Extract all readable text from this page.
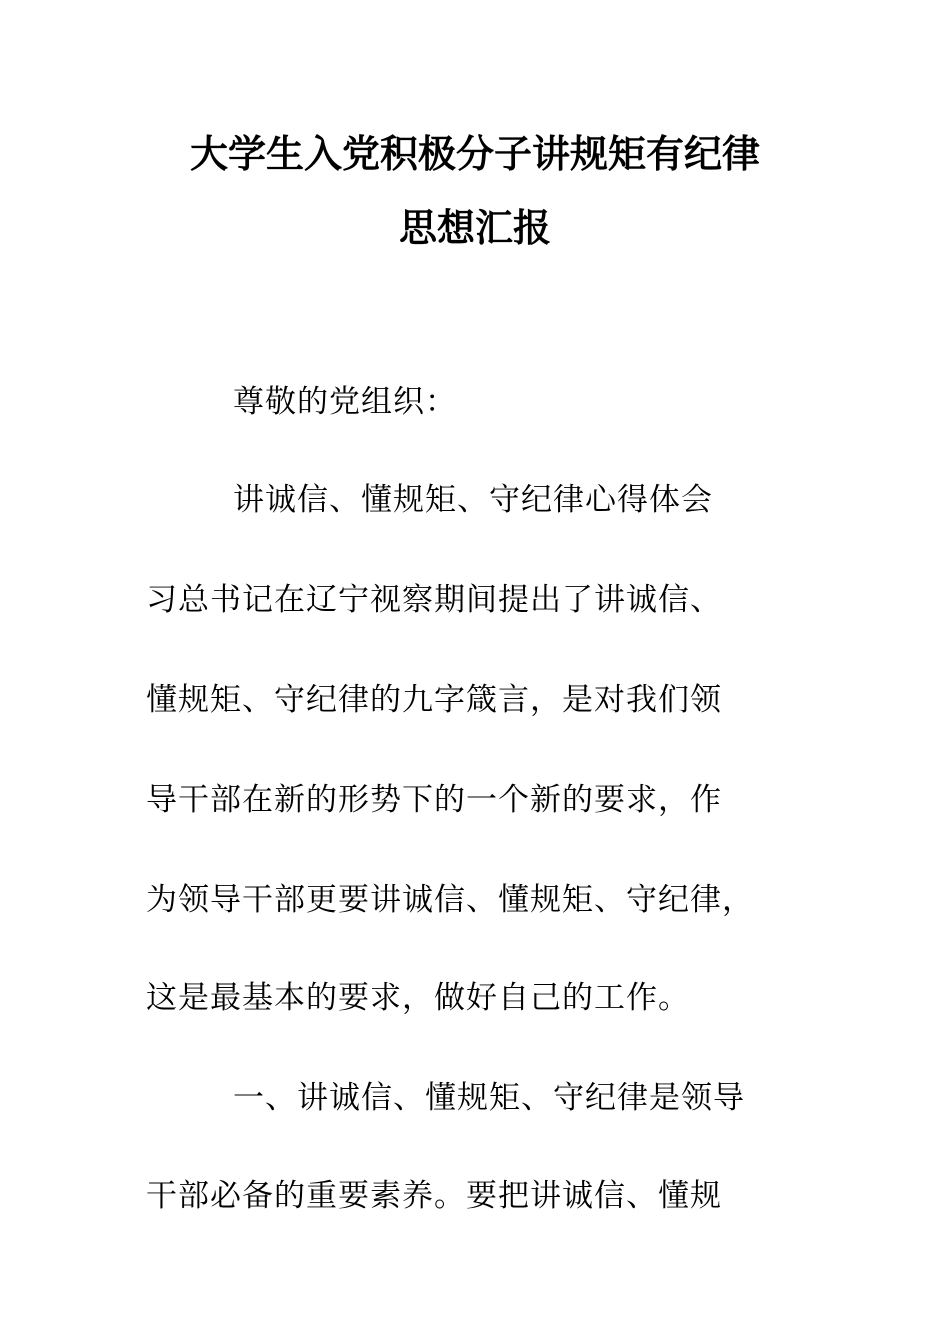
大学生入党积极分子讲规矩有纪律
思想汇报
尊敬的党组织：
讲诚信、懂规矩、守纪律心得体会
习总书记在辽宁视察期间提出了讲诚信、
懂规矩、守纪律的九字箴言，是对我们领
导干部在新的形势下的一个新的要求，作
为领导干部更要讲诚信、懂规矩、守纪律，
这是最基本的要求，做好自己的工作。
一、讲诚信、懂规矩、守纪律是领导
干部必备的重要素养。要把讲诚信、懂规
